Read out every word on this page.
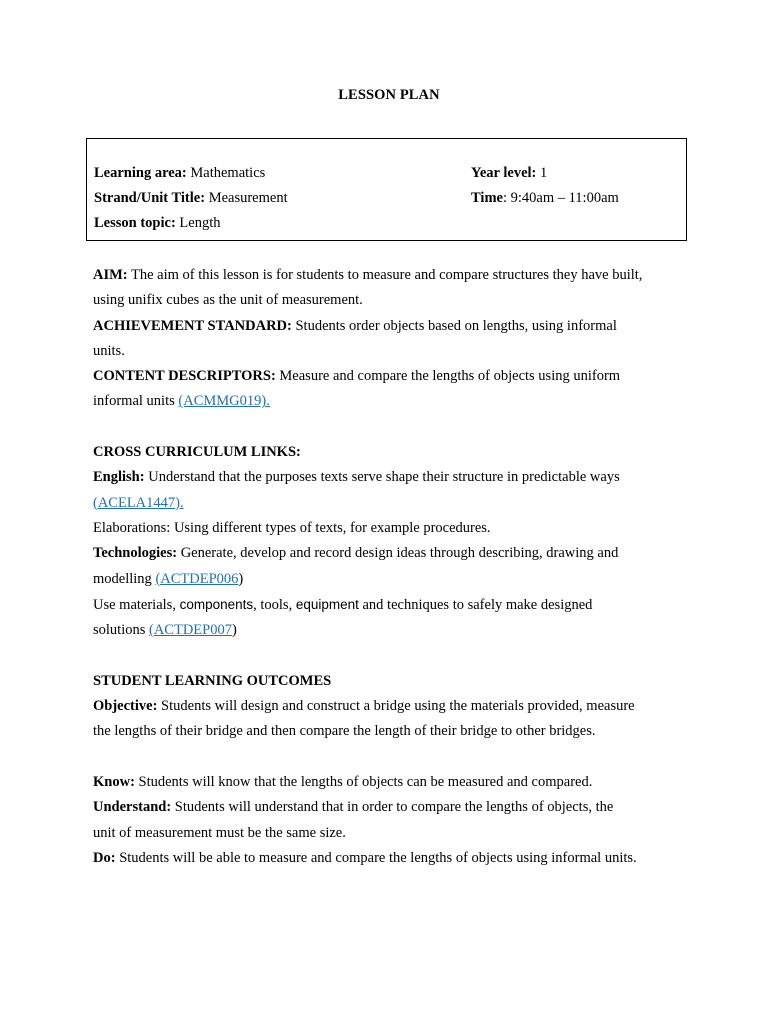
LESSON PLAN
Learning area: Mathematics	Year level: 1
Strand/Unit Title: Measurement	Time: 9:40am – 11:00am
Lesson topic: Length
AIM: The aim of this lesson is for students to measure and compare structures they have built,
using unifix cubes as the unit of measurement.
ACHIEVEMENT STANDARD: Students order objects based on lengths, using informal
units.
CONTENT DESCRIPTORS: Measure and compare the lengths of objects using uniform
informal units (ACMMG019).
CROSS CURRICULUM LINKS:
English: Understand that the purposes texts serve shape their structure in predictable ways
(ACELA1447).
Elaborations: Using different types of texts, for example procedures.
Technologies: Generate, develop and record design ideas through describing, drawing and
modelling (ACTDEP006)
Use materials, components, tools, equipment and techniques to safely make designed
solutions (ACTDEP007)
STUDENT LEARNING OUTCOMES
Objective: Students will design and construct a bridge using the materials provided, measure
the lengths of their bridge and then compare the length of their bridge to other bridges.
Know: Students will know that the lengths of objects can be measured and compared.
Understand: Students will understand that in order to compare the lengths of objects, the
unit of measurement must be the same size.
Do: Students will be able to measure and compare the lengths of objects using informal units.
